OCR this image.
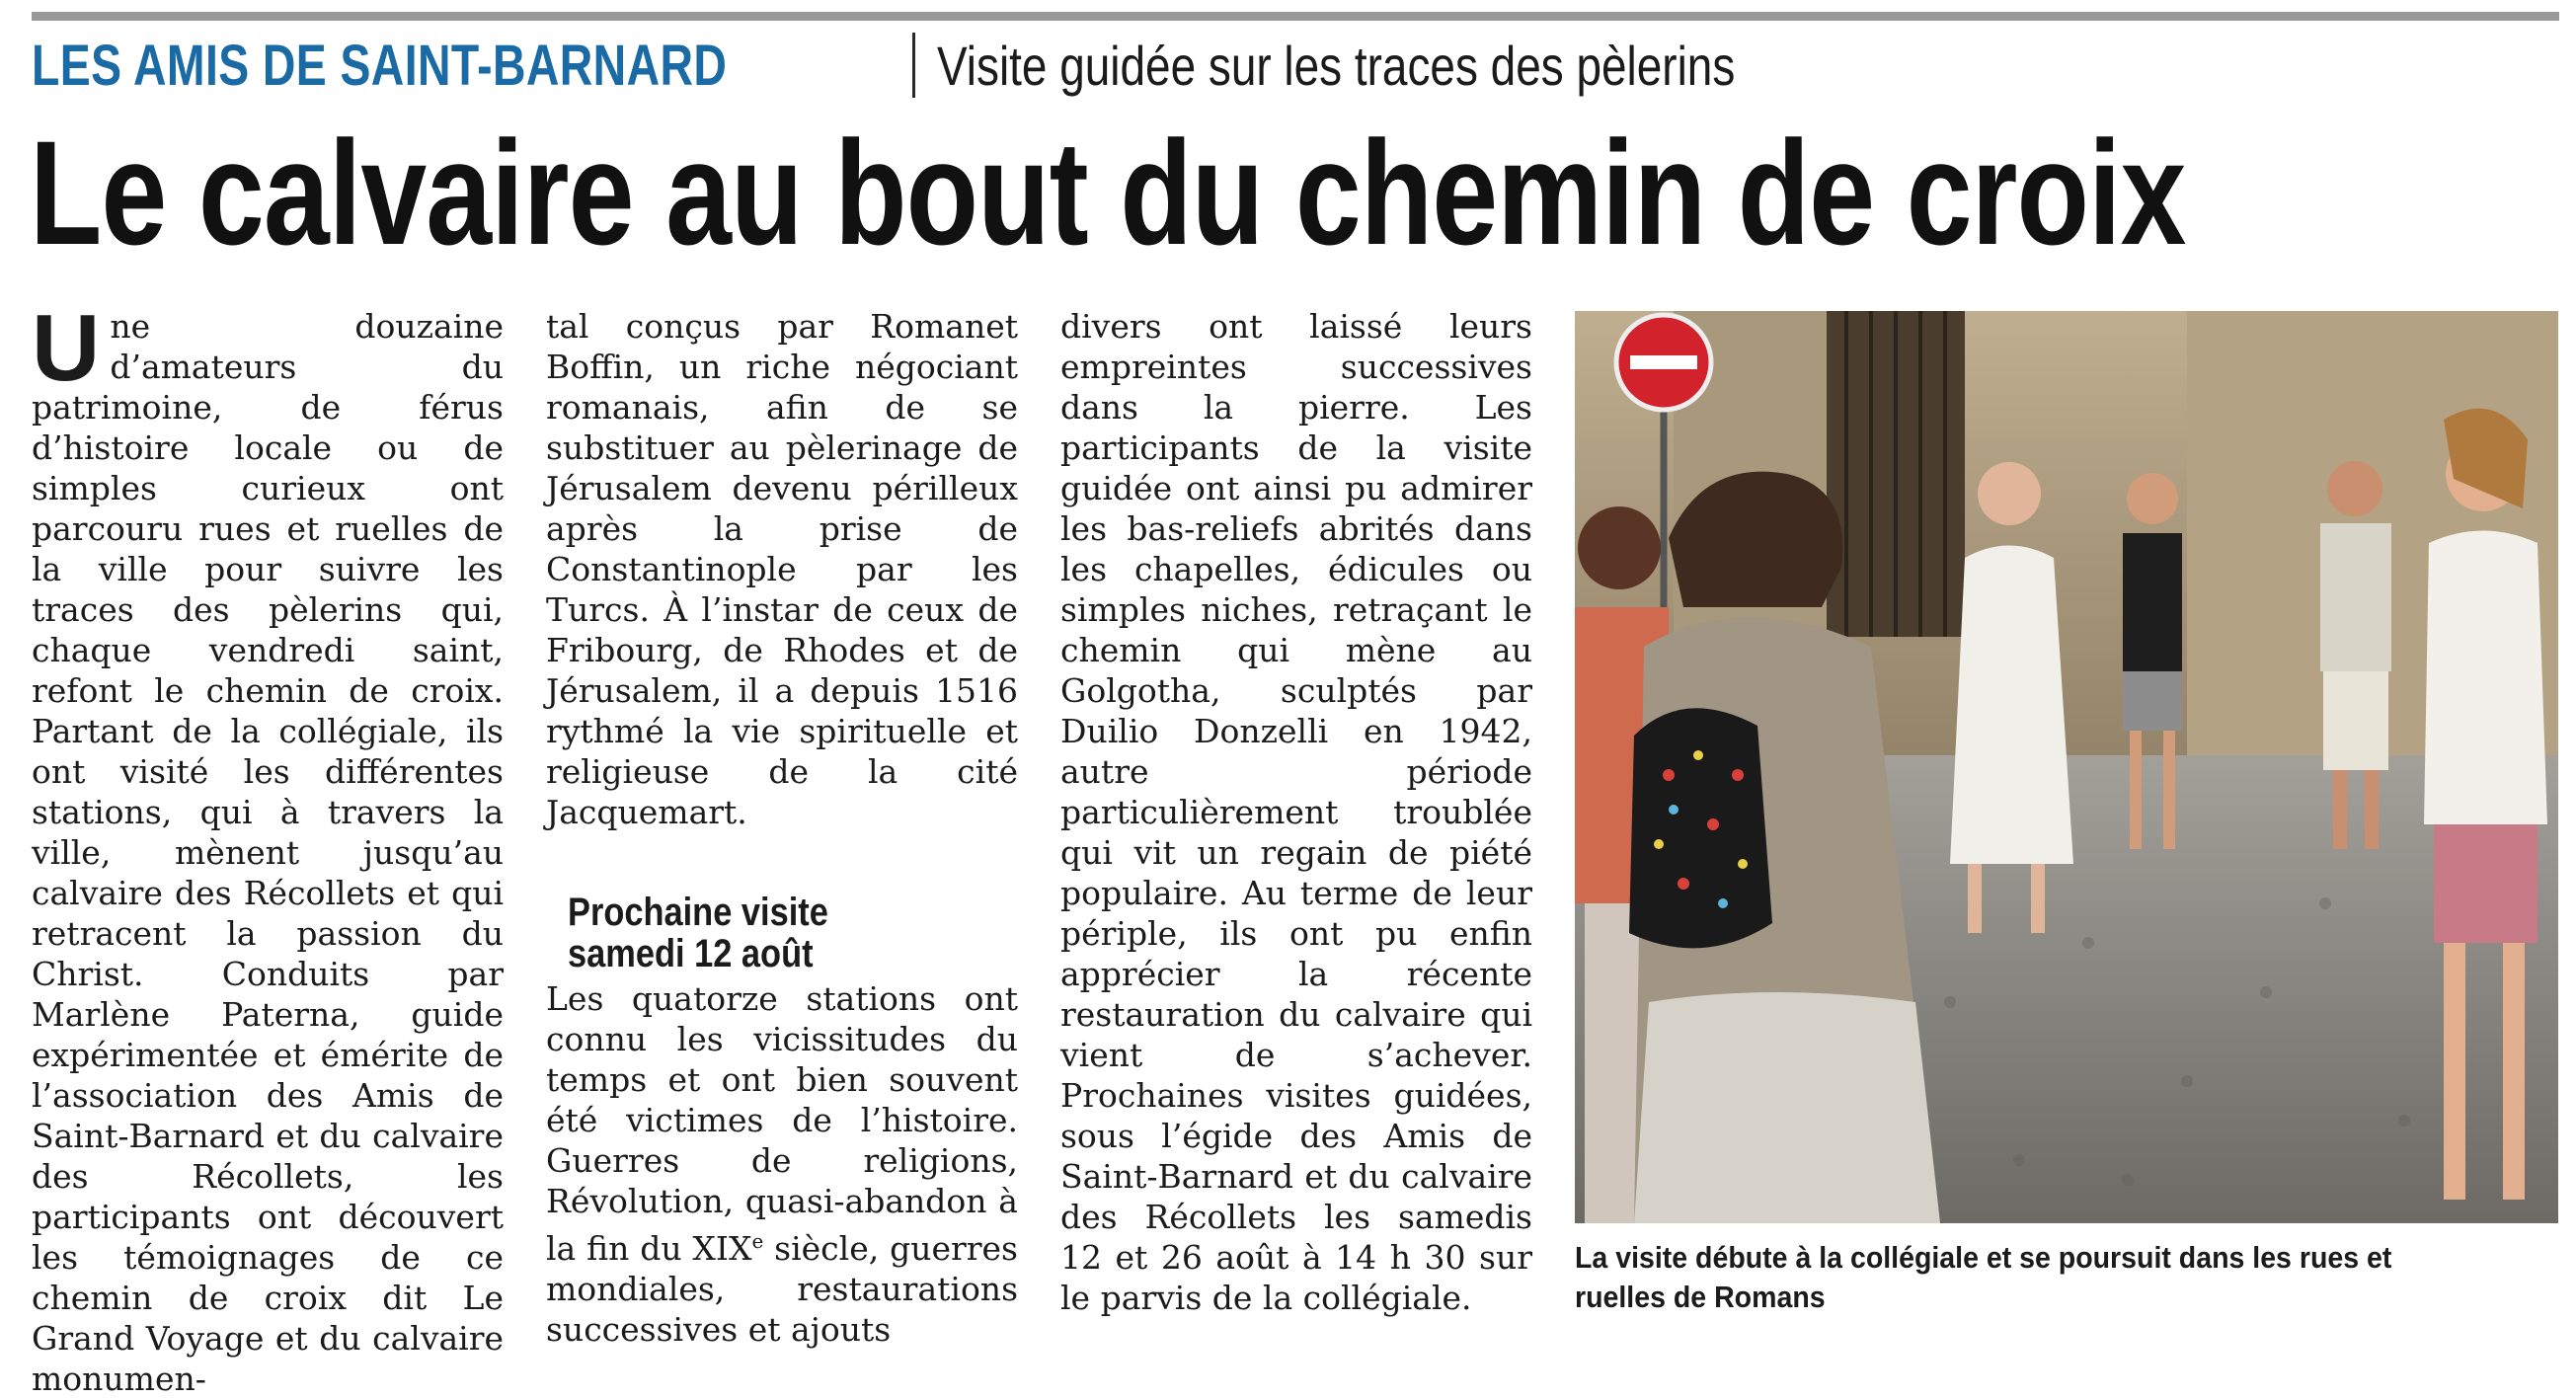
LES AMIS DE SAINT-BARNARD	Visite guidée sur les traces des pèlerins
Le calvaire au bout du chemin de croix
U ne douzaine d’amateurs du patrimoine, de férus d’histoire locale ou de simples curieux ont parcouru rues et ruelles de la ville pour suivre les traces des pèlerins qui, chaque vendredi saint, refont le chemin de croix. Partant de la collégiale, ils ont visité les différentes stations, qui à travers la ville, mènent jusqu’au calvaire des Récollets et qui retracent la passion du Christ. Conduits par Marlène Paterna, guide expérimentée et émérite de l’association des Amis de Saint-Barnard et du calvaire des Récollets, les participants ont découvert les témoignages de ce chemin de croix dit Le Grand Voyage et du calvaire monumen-

tal conçus par Romanet Boffin, un riche négociant romanais, afin de se substituer au pèlerinage de Jérusalem devenu périlleux après la prise de Constantinople par les Turcs. À l’instar de ceux de Fribourg, de Rhodes et de Jérusalem, il a depuis 1516 rythmé la vie spirituelle et religieuse de la cité Jacquemart.

Prochaine visite
samedi 12 août

Les quatorze stations ont connu les vicissitudes du temps et ont bien souvent été victimes de l’histoire. Guerres de religions, Révolution, quasi-abandon à la fin du XIXe siècle, guerres mondiales, restaurations successives et ajouts

divers ont laissé leurs empreintes successives dans la pierre. Les participants de la visite guidée ont ainsi pu admirer les bas-reliefs abrités dans les chapelles, édicules ou simples niches, retraçant le chemin qui mène au Golgotha, sculptés par Duilio Donzelli en 1942, autre période particulièrement troublée qui vit un regain de piété populaire. Au terme de leur périple, ils ont pu enfin apprécier la récente restauration du calvaire qui vient de s’achever. Prochaines visites guidées, sous l’égide des Amis de Saint-Barnard et du calvaire des Récollets les samedis 12 et 26 août à 14 h 30 sur le parvis de la collégiale.

La visite débute à la collégiale et se poursuit dans les rues et ruelles de Romans
